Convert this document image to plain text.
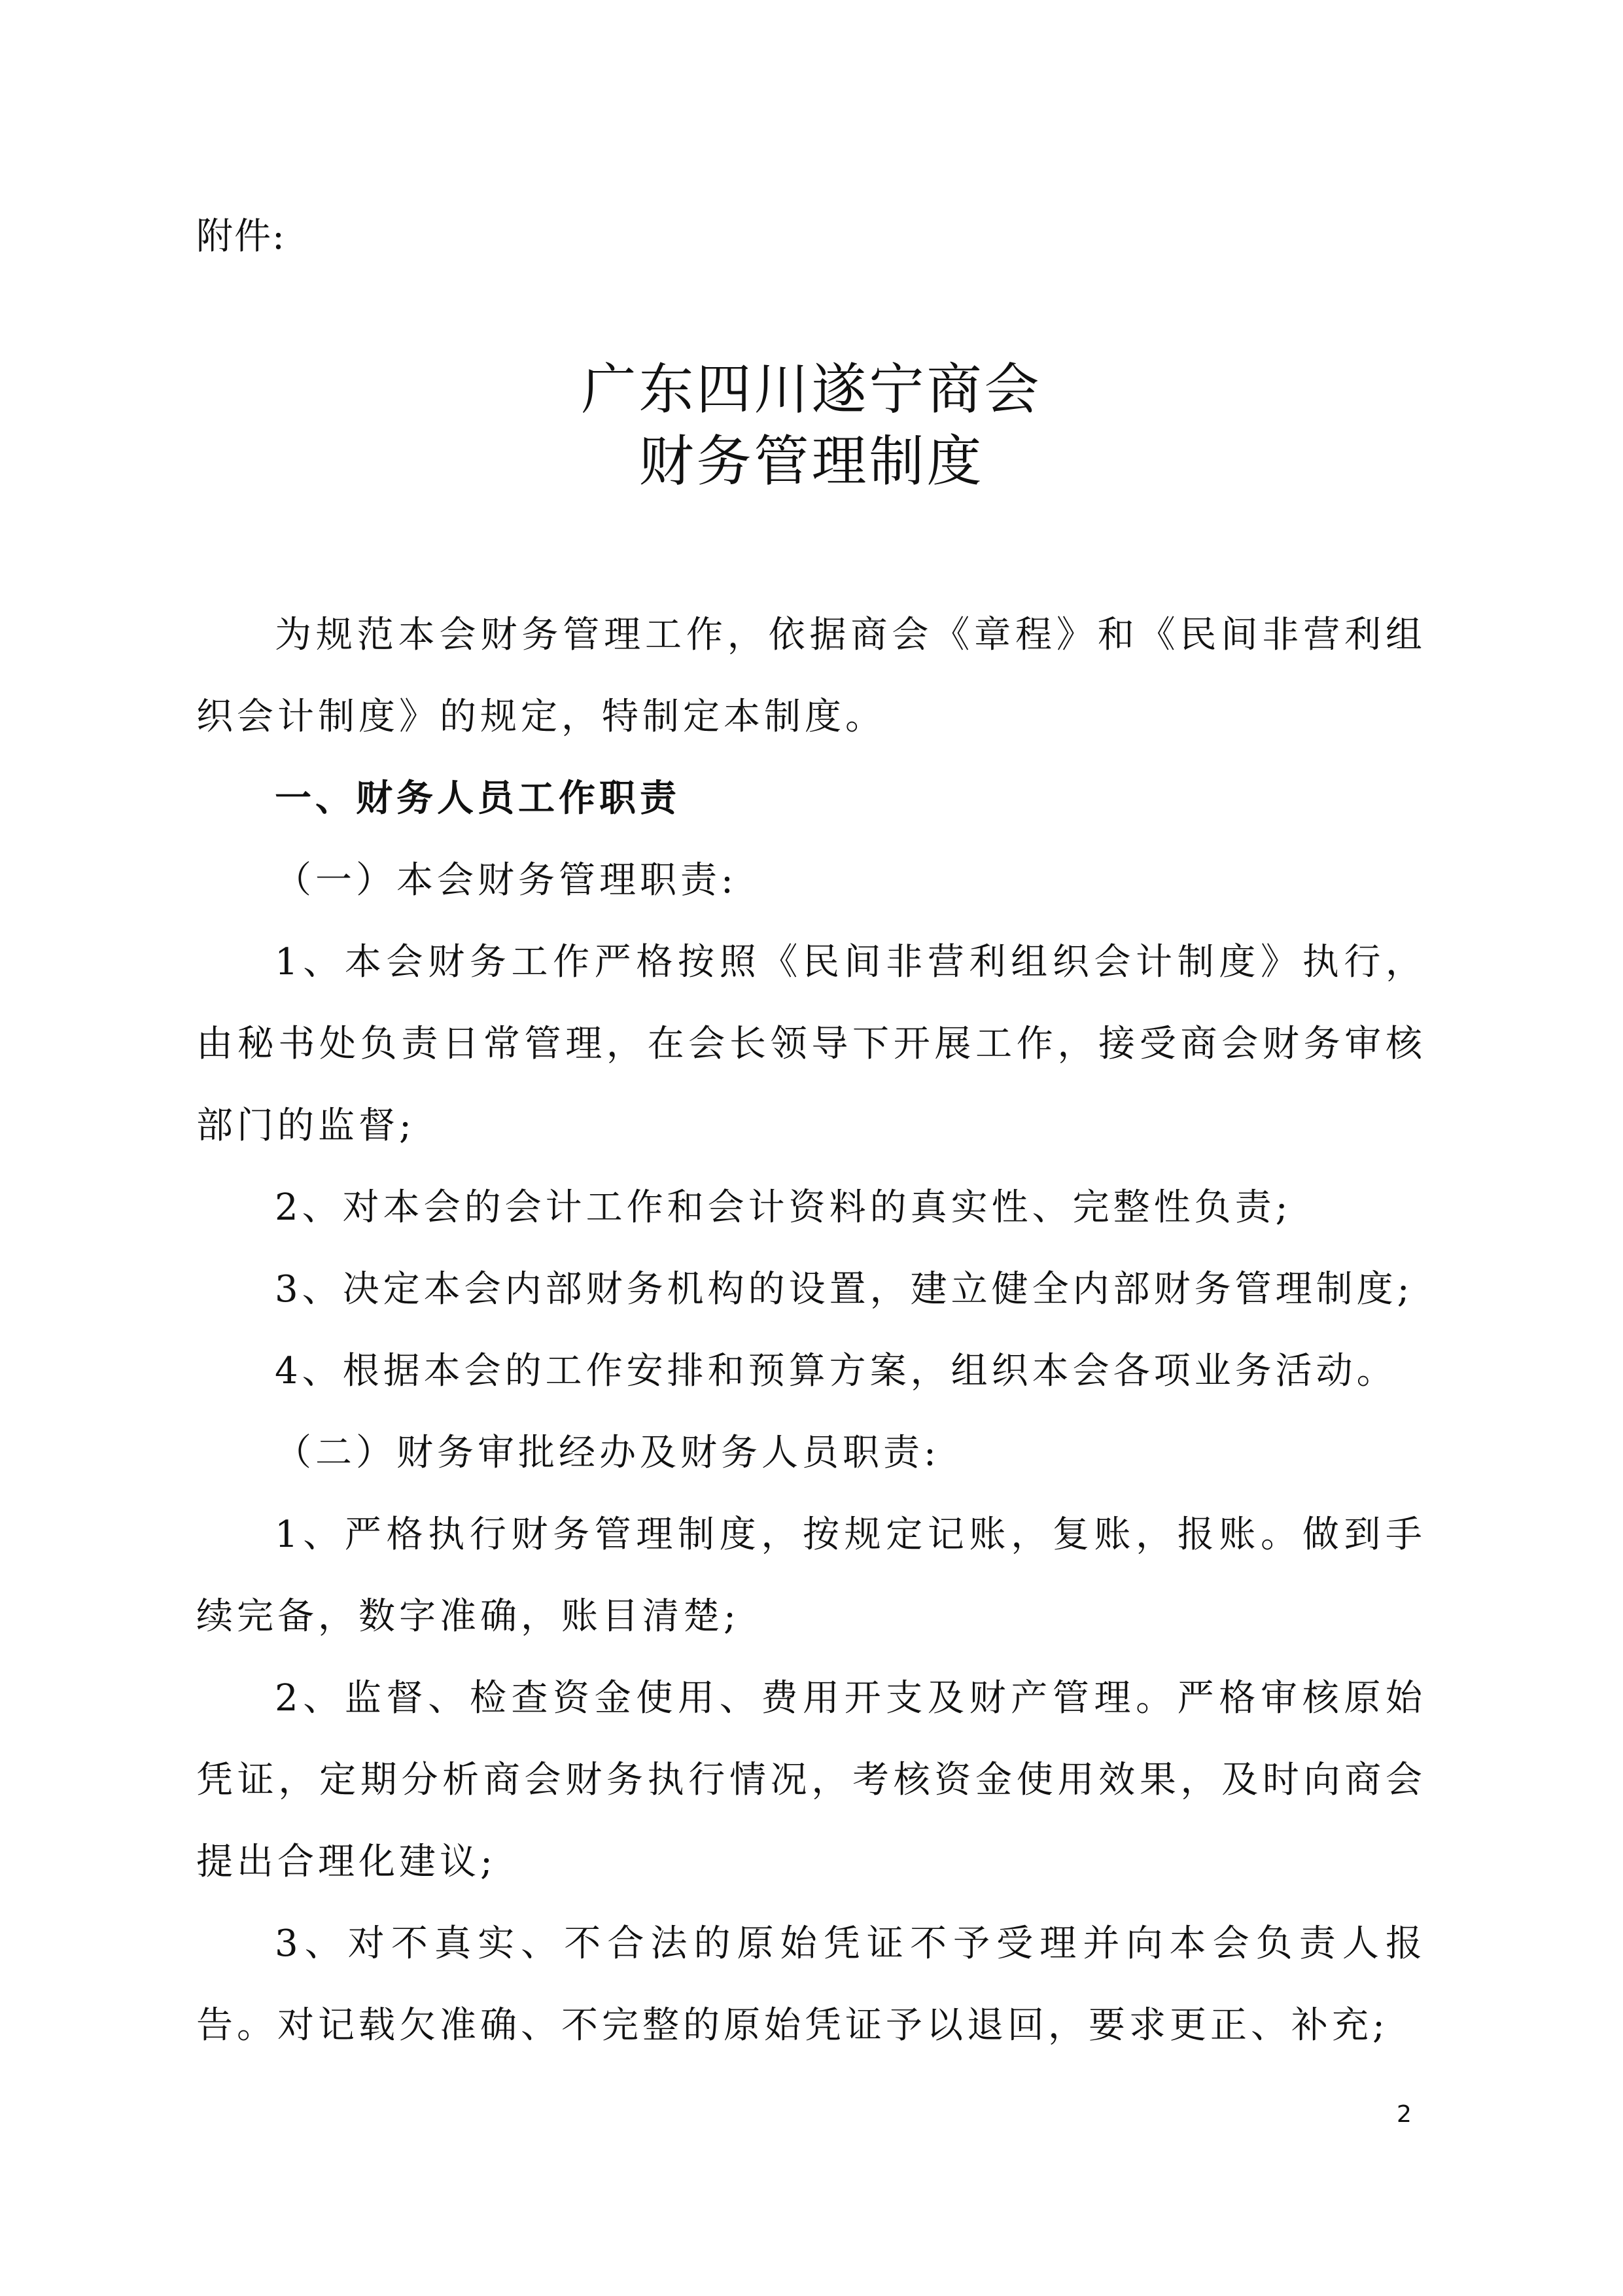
附件:
广东四川遂宁商会
财务管理制度

为规范本会财务管理工作，依据商会《章程》和《民间非营利组织会计制度》的规定，特制定本制度。

一、财务人员工作职责

（一）本会财务管理职责:

1、本会财务工作严格按照《民间非营利组织会计制度》执行，由秘书处负责日常管理，在会长领导下开展工作，接受商会财务审核部门的监督;

2、对本会的会计工作和会计资料的真实性、完整性负责;

3、决定本会内部财务机构的设置，建立健全内部财务管理制度;

4、根据本会的工作安排和预算方案，组织本会各项业务活动。

（二）财务审批经办及财务人员职责:

1、严格执行财务管理制度，按规定记账，复账，报账。做到手续完备，数字准确，账目清楚;

2、监督、检查资金使用、费用开支及财产管理。严格审核原始凭证，定期分析商会财务执行情况，考核资金使用效果，及时向商会提出合理化建议;

3、对不真实、不合法的原始凭证不予受理并向本会负责人报告。对记载欠准确、不完整的原始凭证予以退回，要求更正、补充;

2
